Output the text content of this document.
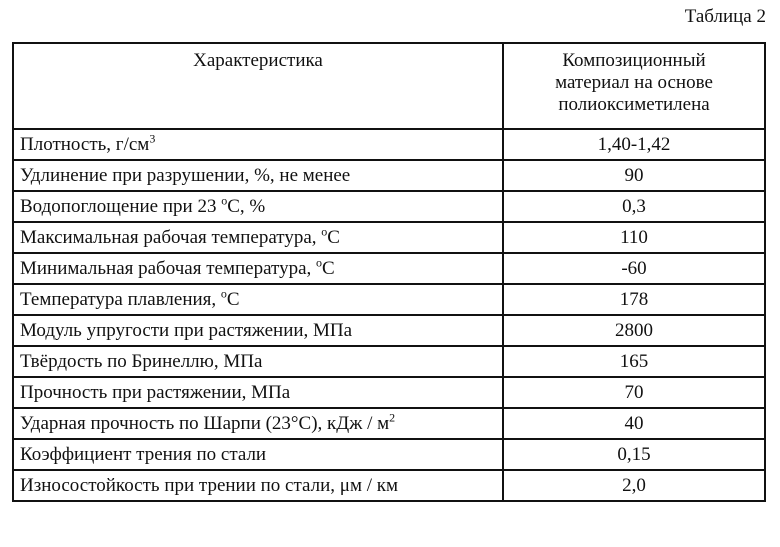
Таблица 2
Характеристика	Композиционный
материал на основе
полиоксиметилена

Плотность, $г/см^3$	1,40-1,42
Удлинение при разрушении, %, не менее	90
Водопоглощение при 23 $^o$С, %	0,3
Максимальная рабочая температура, $^o$С	110
Минимальная рабочая температура, $^o$С	-60
Температура плавления, $^o$С	178
Модуль упругости при растяжении, МПа	2800
Твёрдость по Бринеллю, МПа	165
Прочность при растяжении, МПа	70
Ударная прочность по Шарпи (23°С), кДж / $м^2$	40
Коэффициент трения по стали	0,15
Износостойкость при трении по стали, μм / км	2,0
